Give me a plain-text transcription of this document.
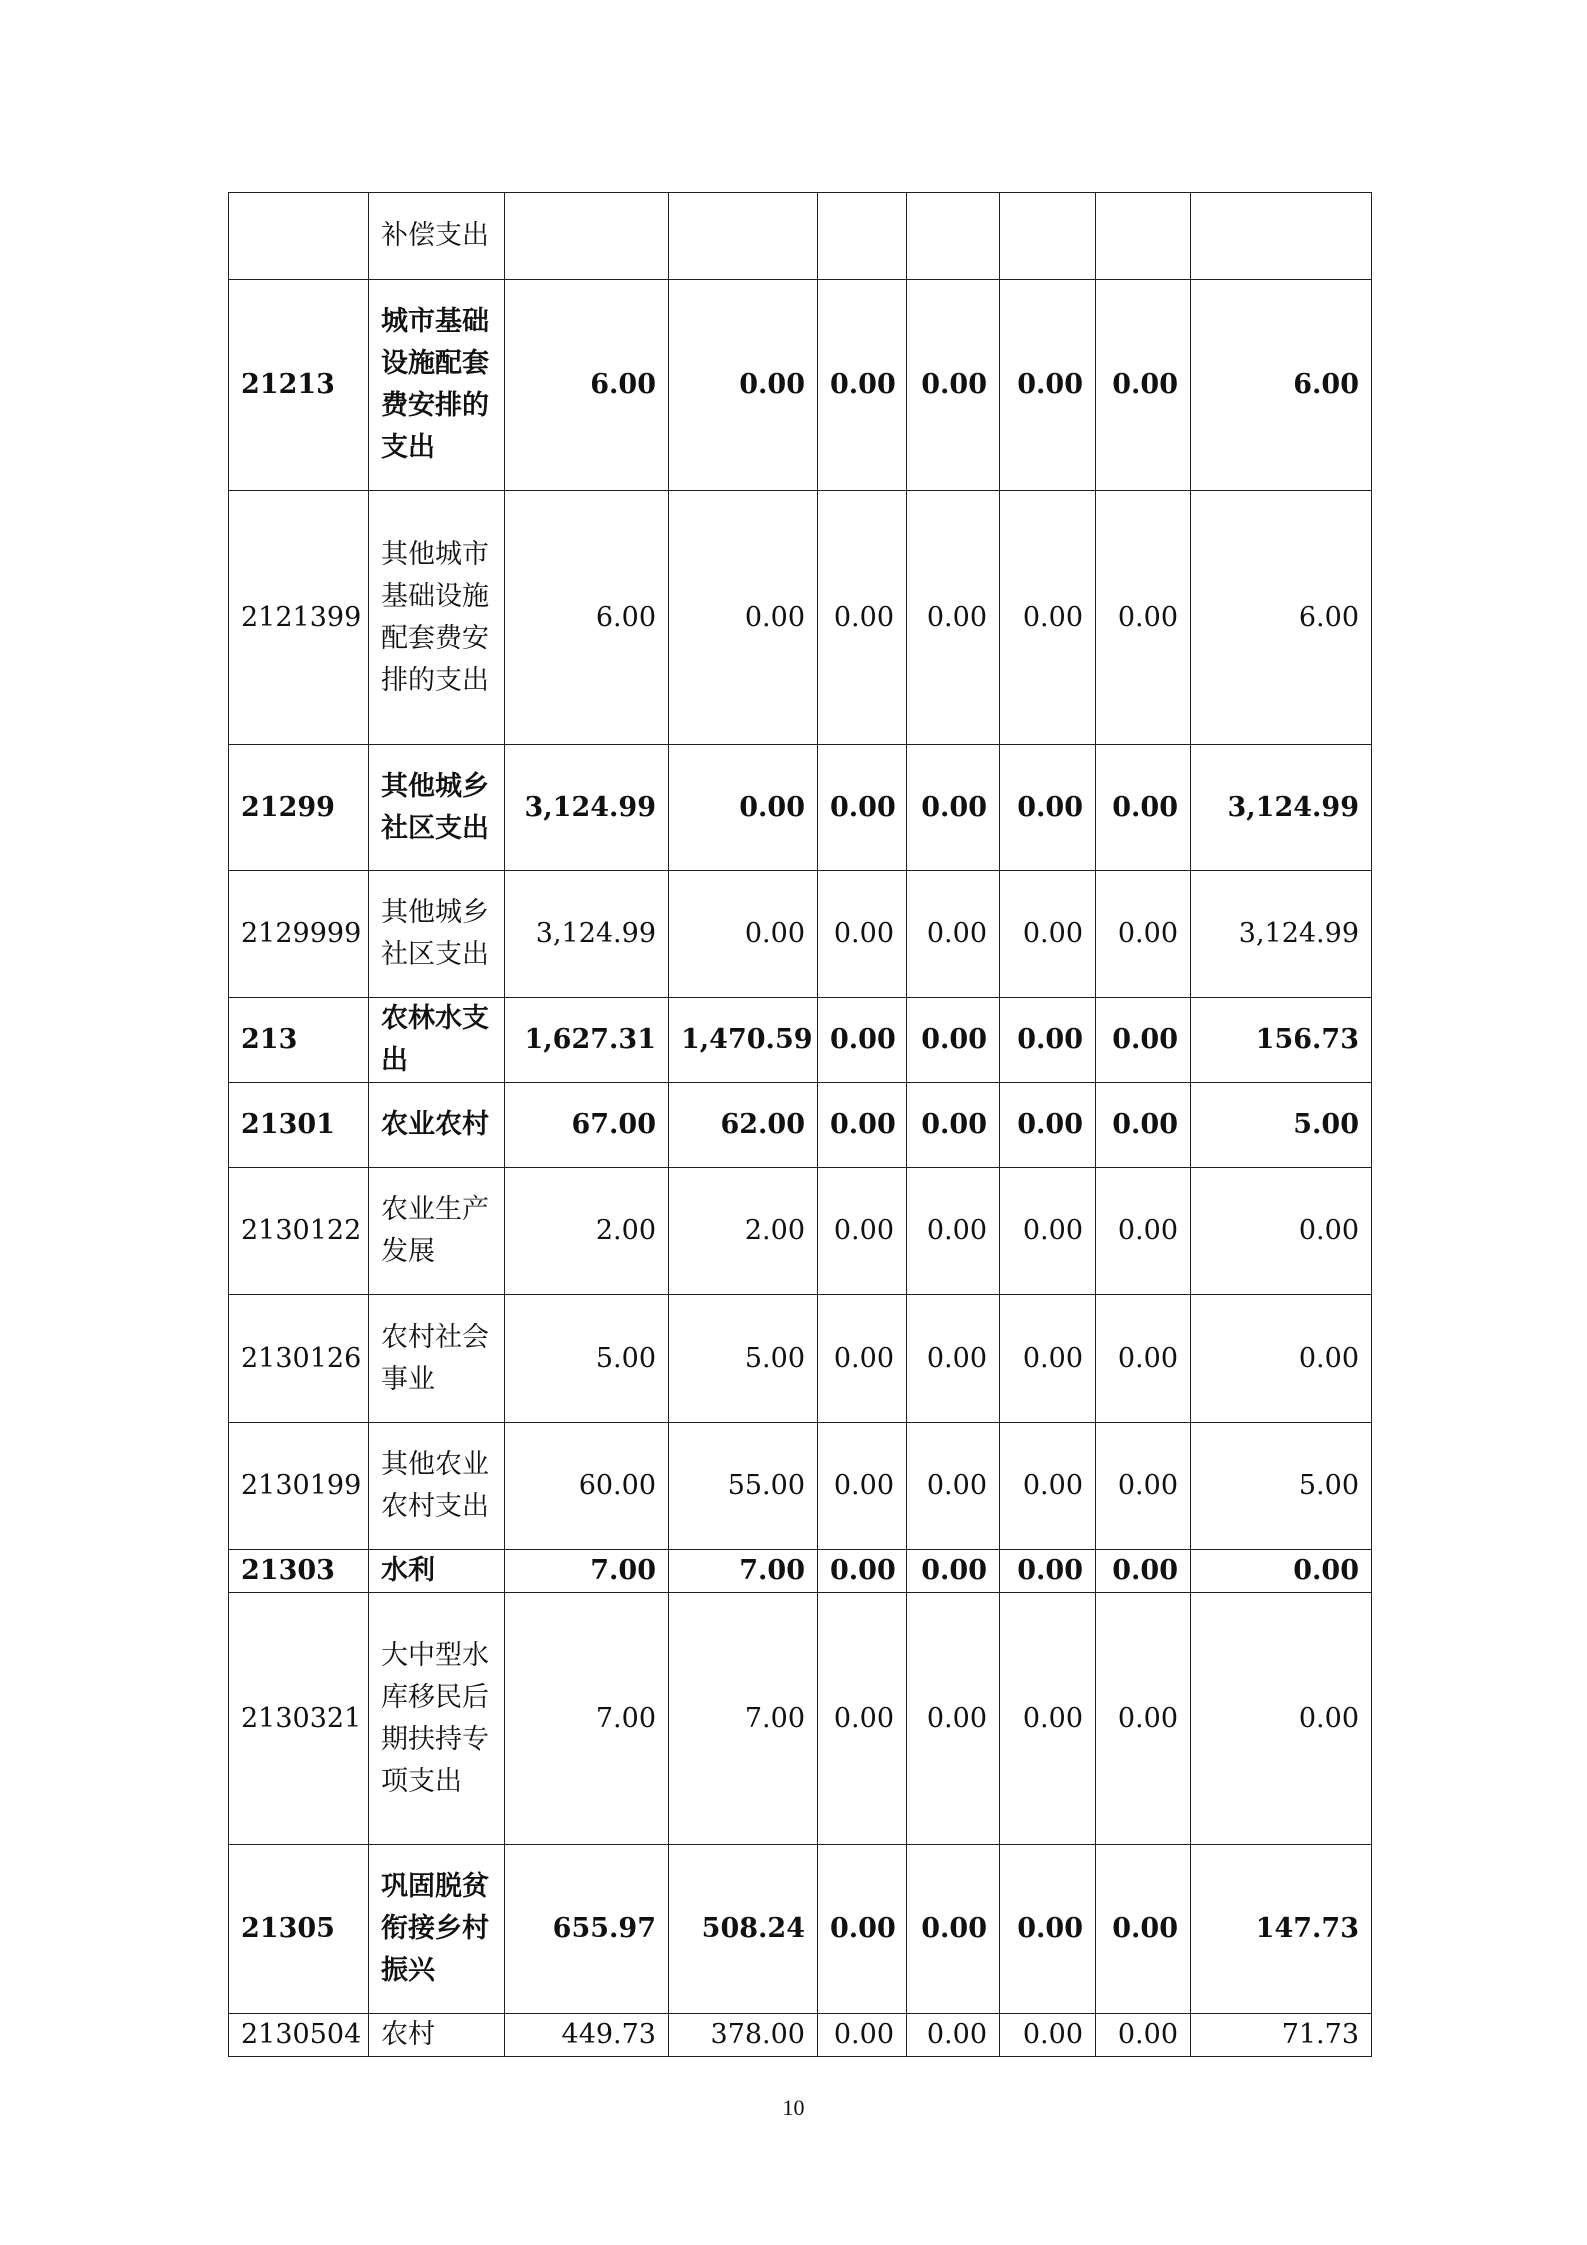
	补偿支出							
21213	城市基础设施配套费安排的支出	6.00	0.00	0.00	0.00	0.00	0.00	6.00
2121399	其他城市基础设施配套费安排的支出	6.00	0.00	0.00	0.00	0.00	0.00	6.00
21299	其他城乡社区支出	3,124.99	0.00	0.00	0.00	0.00	0.00	3,124.99
2129999	其他城乡社区支出	3,124.99	0.00	0.00	0.00	0.00	0.00	3,124.99
213	农林水支出	1,627.31	1,470.59	0.00	0.00	0.00	0.00	156.73
21301	农业农村	67.00	62.00	0.00	0.00	0.00	0.00	5.00
2130122	农业生产发展	2.00	2.00	0.00	0.00	0.00	0.00	0.00
2130126	农村社会事业	5.00	5.00	0.00	0.00	0.00	0.00	0.00
2130199	其他农业农村支出	60.00	55.00	0.00	0.00	0.00	0.00	5.00
21303	水利	7.00	7.00	0.00	0.00	0.00	0.00	0.00
2130321	大中型水库移民后期扶持专项支出	7.00	7.00	0.00	0.00	0.00	0.00	0.00
21305	巩固脱贫衔接乡村振兴	655.97	508.24	0.00	0.00	0.00	0.00	147.73
2130504	农村	449.73	378.00	0.00	0.00	0.00	0.00	71.73
10
